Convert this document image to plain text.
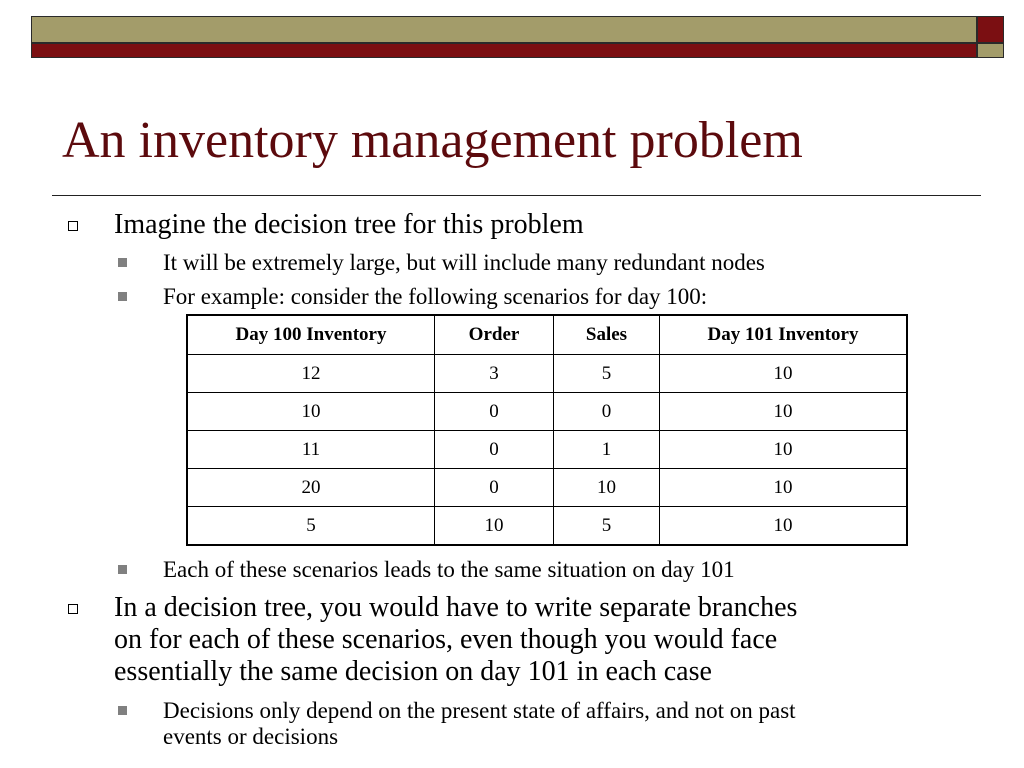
An inventory management problem
Imagine the decision tree for this problem
It will be extremely large, but will include many redundant nodes
For example: consider the following scenarios for day 100:
Day 100 Inventory	Order	Sales	Day 101 Inventory
12	3	5	10
10	0	0	10
11	0	1	10
20	0	10	10
5	10	5	10
Each of these scenarios leads to the same situation on day 101
In a decision tree, you would have to write separate branches
on for each of these scenarios, even though you would face
essentially the same decision on day 101 in each case
Decisions only depend on the present state of affairs, and not on past
events or decisions
